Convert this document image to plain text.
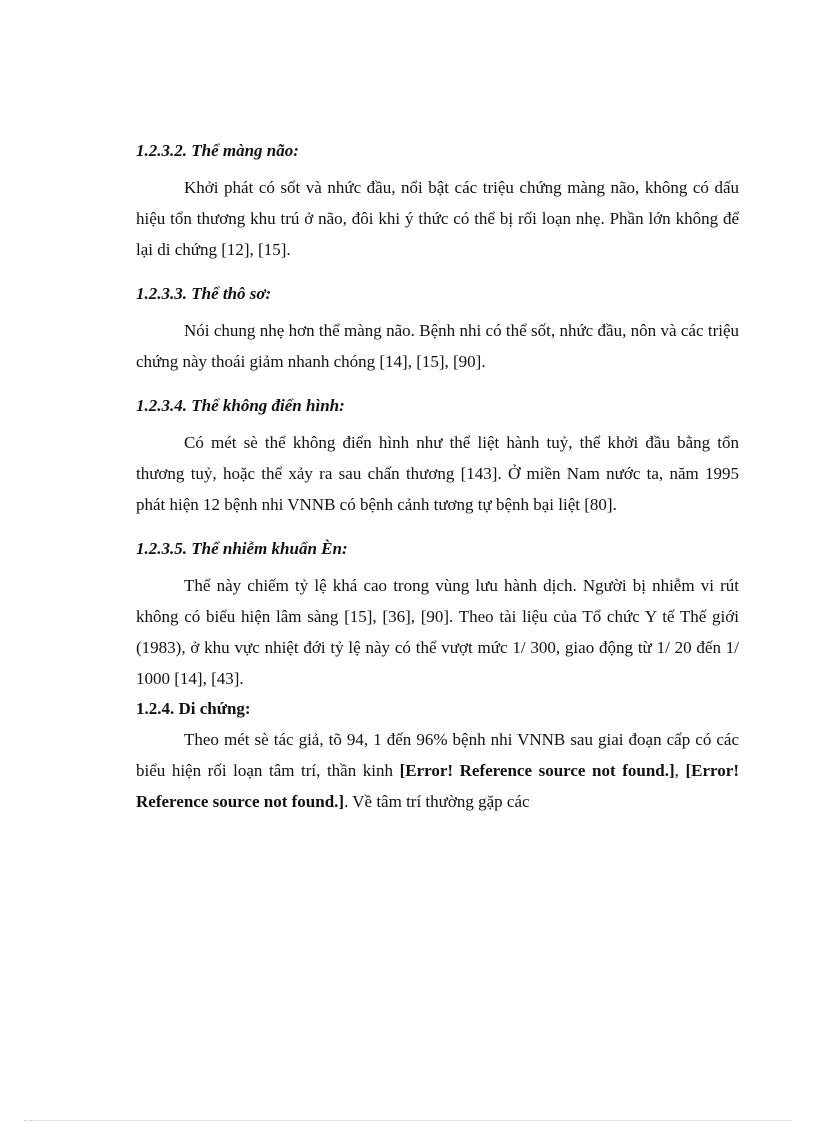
1.2.3.2. Thể màng não:

Khởi phát có sốt và nhức đầu, nổi bật các triệu chứng màng não, không có dấu hiệu tổn thương khu trú ở não, đôi khi ý thức có thể bị rối loạn nhẹ. Phần lớn không để lại di chứng [12], [15].

1.2.3.3. Thể thô sơ:

Nói chung nhẹ hơn thể màng não. Bệnh nhi có thể sốt, nhức đầu, nôn và các triệu chứng này thoái giảm nhanh chóng [14], [15], [90].

1.2.3.4. Thể không điển hình:

Có mét sè thể không điển hình như thể liệt hành tuỷ, thể khởi đầu bằng tổn thương tuỷ, hoặc thể xảy ra sau chấn thương [143]. Ở miền Nam nước ta, năm 1995 phát hiện 12 bệnh nhi VNNB có bệnh cảnh tương tự bệnh bại liệt [80].

1.2.3.5. Thể nhiễm khuẩn Èn:

Thể này chiếm tỷ lệ khá cao trong vùng lưu hành dịch. Người bị nhiễm vi rút không có biểu hiện lâm sàng [15], [36], [90]. Theo tài liệu của Tổ chức Y tế Thế giới (1983), ở khu vực nhiệt đới tỷ lệ này có thể vượt mức 1/ 300, giao động từ 1/ 20 đến 1/ 1000 [14], [43].

1.2.4. Di chứng:

Theo mét sè tác giả, tõ 94, 1 đến 96% bệnh nhi VNNB sau giai đoạn cấp có các biểu hiện rối loạn tâm trí, thần kinh [Error! Reference source not found.], [Error! Reference source not found.]. Về tâm trí thường gặp các
